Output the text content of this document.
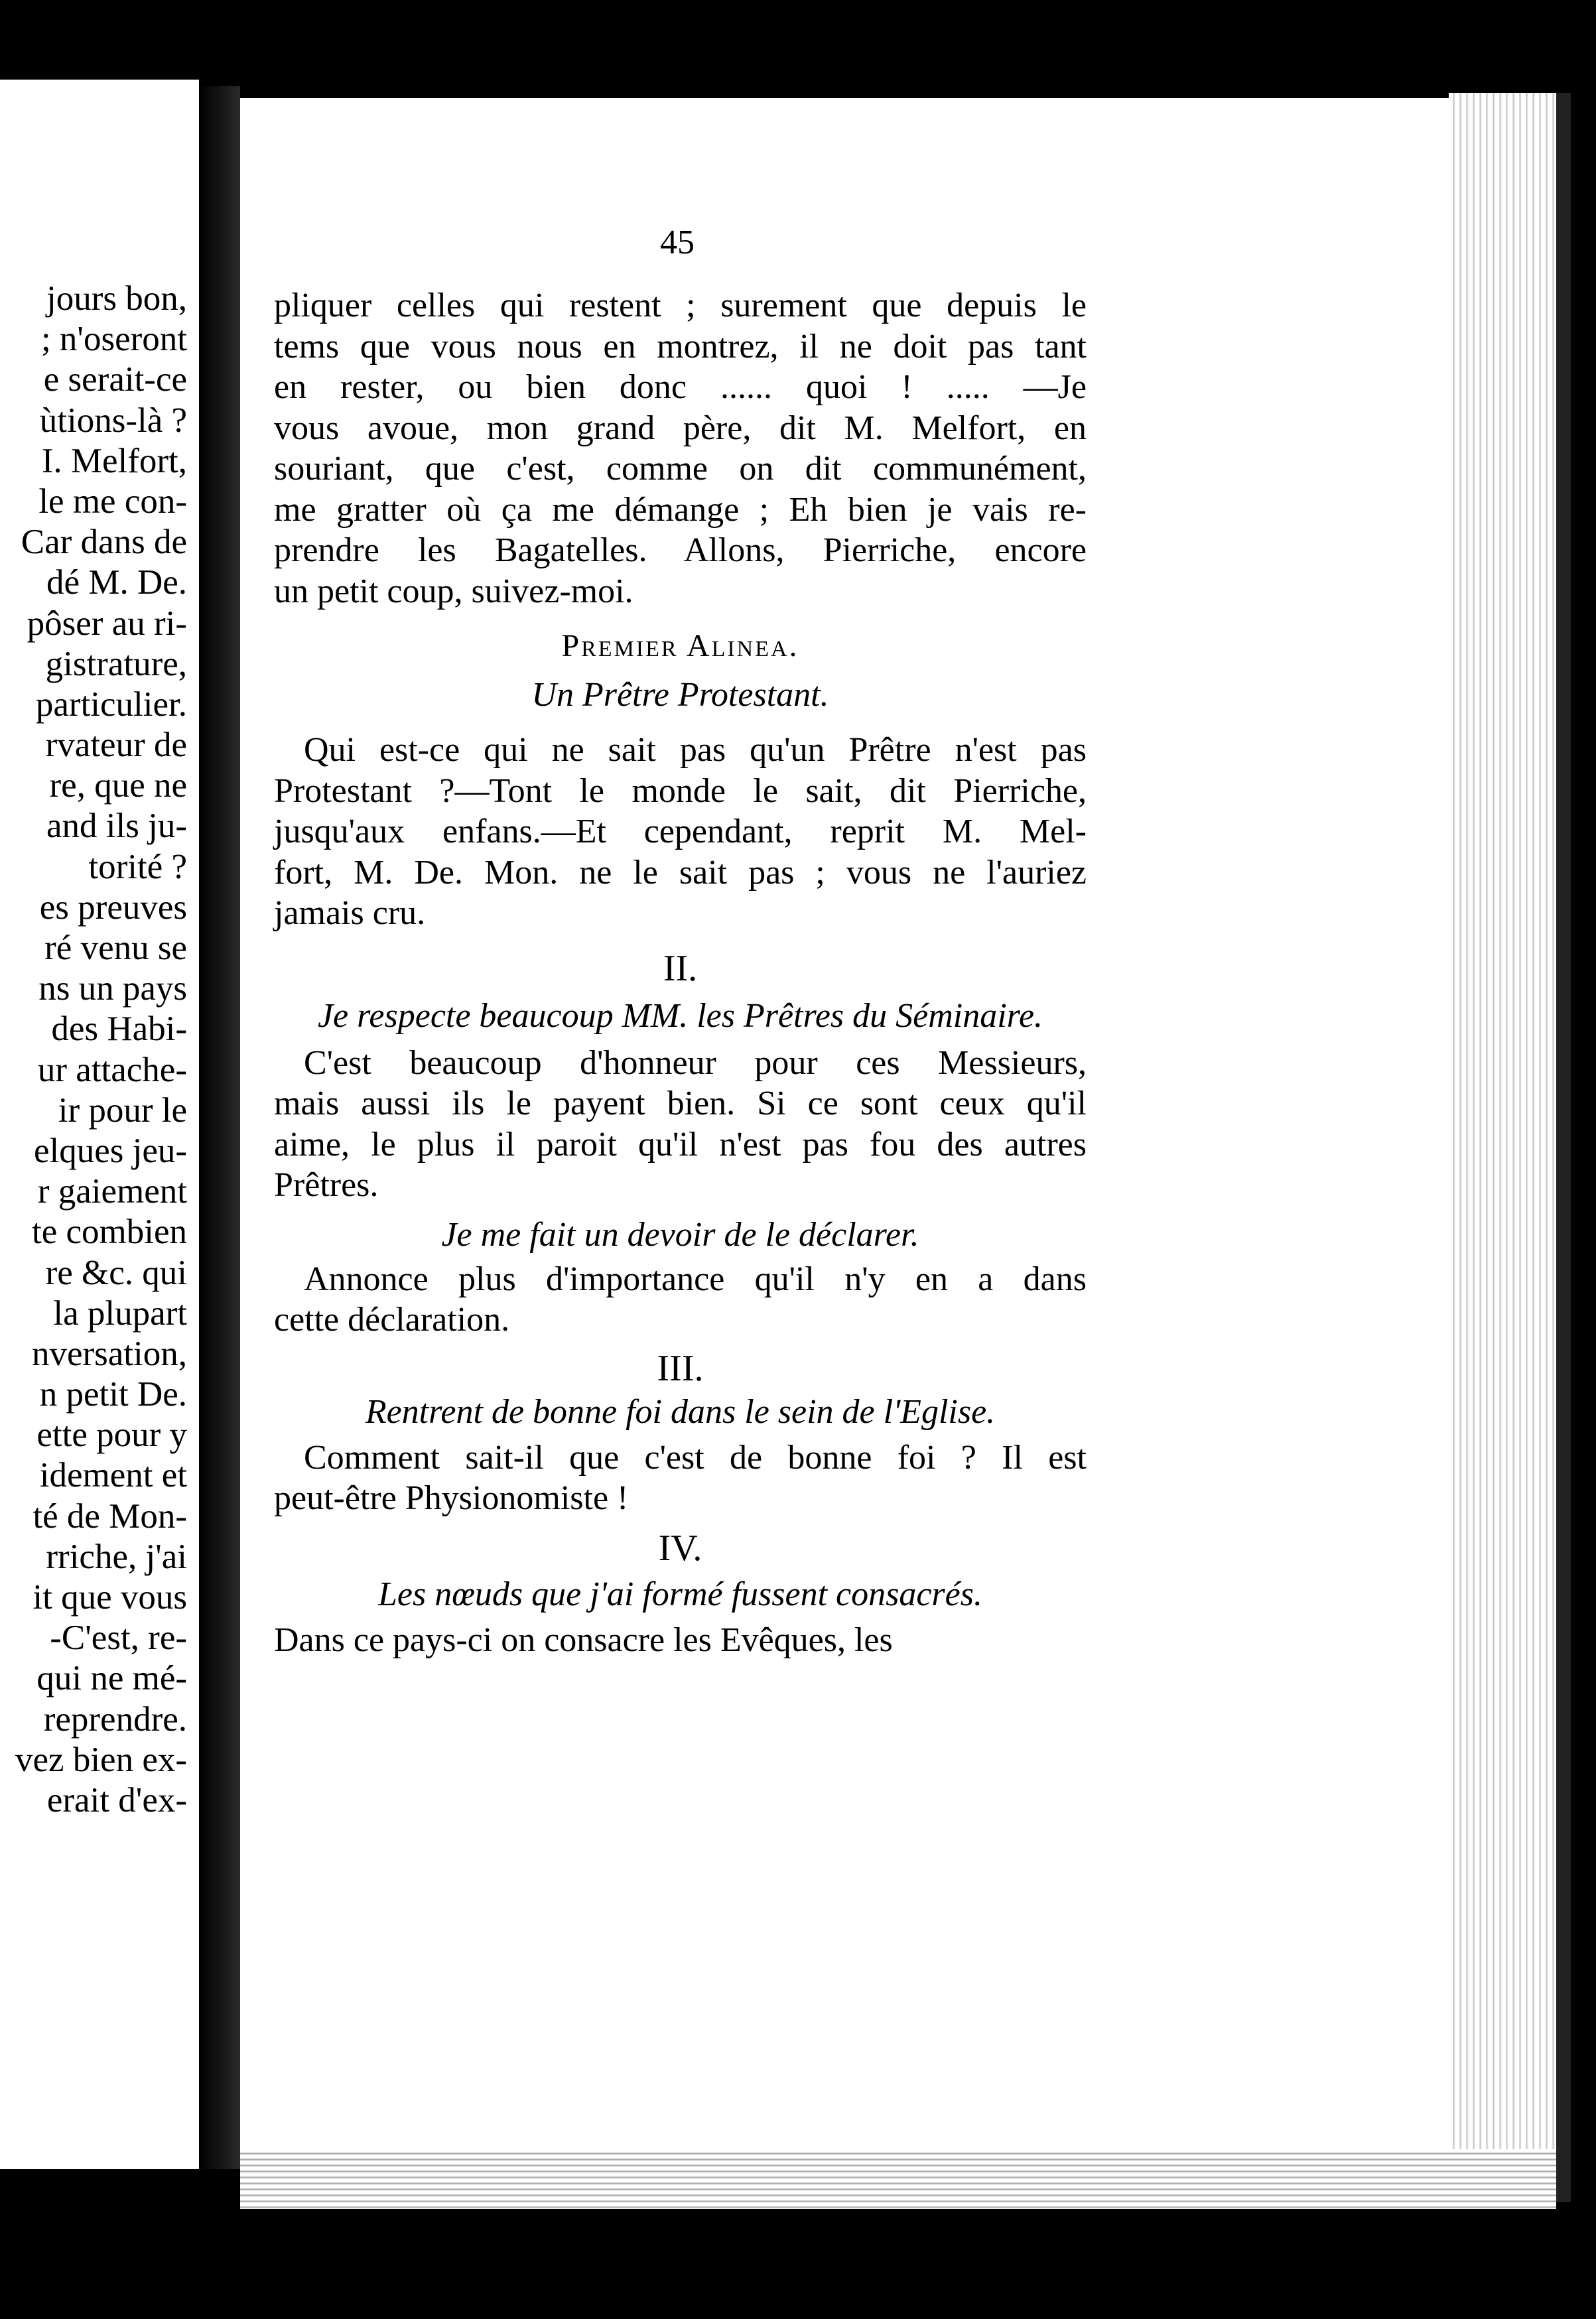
jours bon,
; n'oseront
e serait-ce
ùtions-là ?
I. Melfort,
le me con-
Car dans de
dé M. De.
pôser au ri-
gistrature,
particulier.
rvateur de
re, que ne
and ils ju-
torité ?
es preuves
ré venu se
ns un pays
des Habi-
ur attache-
ir pour le
elques jeu-
r gaiement
te combien
re &c. qui
la plupart
nversation,
n petit De.
ette pour y
idement et
té de Mon-
rriche, j'ai
it que vous
-C'est, re-
qui ne mé-
reprendre.
vez bien ex-
erait d'ex-
45
pliquer celles qui restent ; surement que depuis le
tems que vous nous en montrez, il ne doit pas tant
en rester, ou bien donc ...... quoi ! ..... —Je
vous avoue, mon grand père, dit M. Melfort, en
souriant, que c'est, comme on dit communément,
me gratter où ça me démange ; Eh bien je vais re-
prendre les Bagatelles. Allons, Pierriche, encore
un petit coup, suivez-moi.
Premier Alinea.
Un Prêtre Protestant.
Qui est-ce qui ne sait pas qu'un Prêtre n'est pas
Protestant ?—Tont le monde le sait, dit Pierriche,
jusqu'aux enfans.—Et cependant, reprit M. Mel-
fort, M. De. Mon. ne le sait pas ; vous ne l'auriez
jamais cru.
II.
Je respecte beaucoup MM. les Prêtres du Séminaire.
C'est beaucoup d'honneur pour ces Messieurs,
mais aussi ils le payent bien. Si ce sont ceux qu'il
aime, le plus il paroit qu'il n'est pas fou des autres
Prêtres.
Je me fait un devoir de le déclarer.
Annonce plus d'importance qu'il n'y en a dans
cette déclaration.
III.
Rentrent de bonne foi dans le sein de l'Eglise.
Comment sait-il que c'est de bonne foi ? Il est
peut-être Physionomiste !
IV.
Les nœuds que j'ai formé fussent consacrés.
Dans ce pays-ci on consacre les Evêques, les
